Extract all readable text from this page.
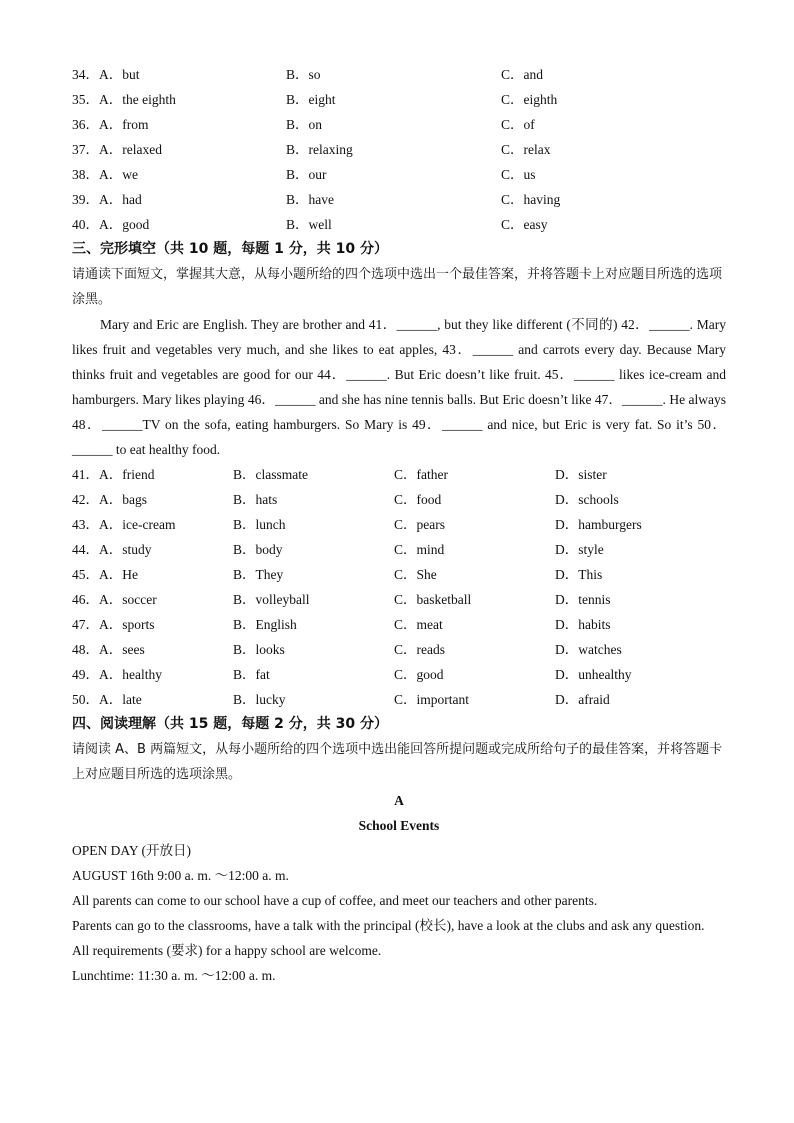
34．A．but	B．so	C．and
35．A．the eighth	B．eight	C．eighth
36．A．from	B．on	C．of
37．A．relaxed	B．relaxing	C．relax
38．A．we	B．our	C．us
39．A．had	B．have	C．having
40．A．good	B．well	C．easy
三、完形填空（共 10 题，每题 1 分，共 10 分）
请通读下面短文，掌握其大意，从每小题所给的四个选项中选出一个最佳答案，并将答题卡上对应题目所选的选项涂黑。
Mary and Eric are English. They are brother and 41．______, but they like different (不同的) 42．______. Mary likes fruit and vegetables very much, and she likes to eat apples, 43．______ and carrots every day. Because Mary thinks fruit and vegetables are good for our 44．______. But Eric doesn’t like fruit. 45．______ likes ice-cream and hamburgers. Mary likes playing 46．______ and she has nine tennis balls. But Eric doesn’t like 47．______. He always 48．______TV on the sofa, eating hamburgers. So Mary is 49．______ and nice, but Eric is very fat. So it’s 50．______ to eat healthy food.
41．A．friend	B．classmate	C．father	D．sister
42．A．bags	B．hats	C．food	D．schools
43．A．ice-cream	B．lunch	C．pears	D．hamburgers
44．A．study	B．body	C．mind	D．style
45．A．He	B．They	C．She	D．This
46．A．soccer	B．volleyball	C．basketball	D．tennis
47．A．sports	B．English	C．meat	D．habits
48．A．sees	B．looks	C．reads	D．watches
49．A．healthy	B．fat	C．good	D．unhealthy
50．A．late	B．lucky	C．important	D．afraid
四、阅读理解（共 15 题，每题 2 分，共 30 分）
请阅读 A、B 两篇短文，从每小题所给的四个选项中选出能回答所提问题或完成所给句子的最佳答案，并将答题卡上对应题目所选的选项涂黑。
A
School Events
OPEN DAY (开放日)
AUGUST 16th 9:00 a. m. ～12:00 a. m.
All parents can come to our school have a cup of coffee, and meet our teachers and other parents.
Parents can go to the classrooms, have a talk with the principal (校长), have a look at the clubs and ask any question.
All requirements (要求) for a happy school are welcome.
Lunchtime: 11:30 a. m. ～12:00 a. m.
